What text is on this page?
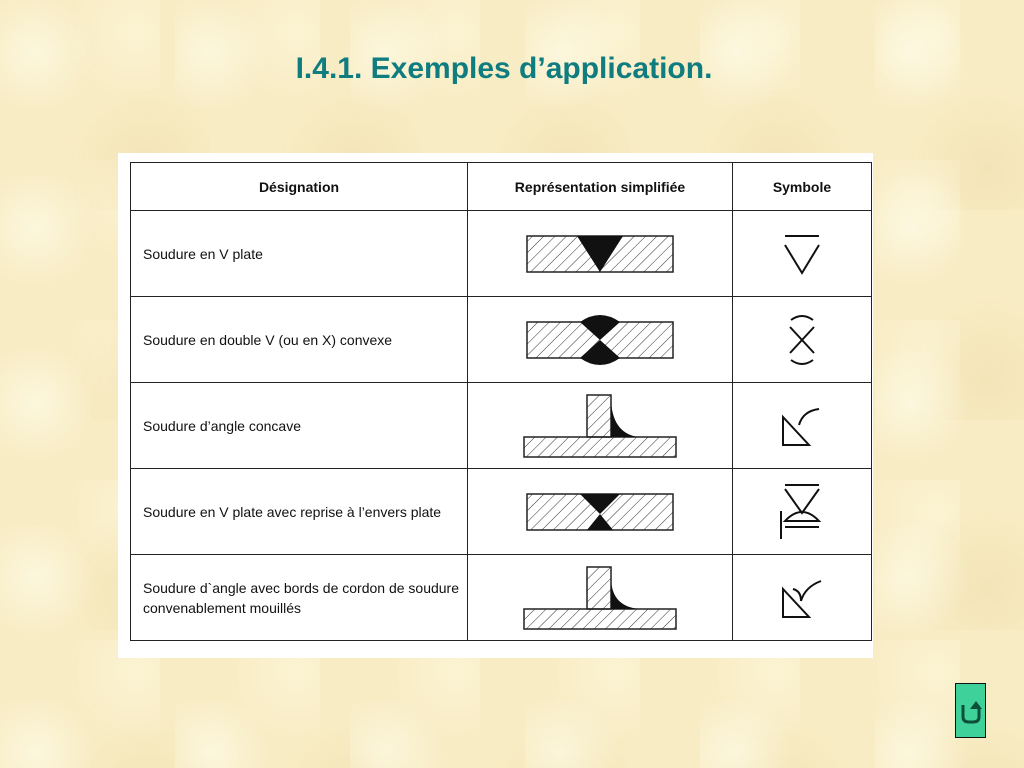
I.4.1. Exemples d’application.
Désignation	Représentation simplifiée	Symbole
Soudure en V plate	

Soudure en double V (ou en X) convexe	

Soudure d’angle concave	

Soudure en V plate avec reprise à l’envers plate	

Soudure d`angle avec bords de cordon de soudure convenablement mouillés	
